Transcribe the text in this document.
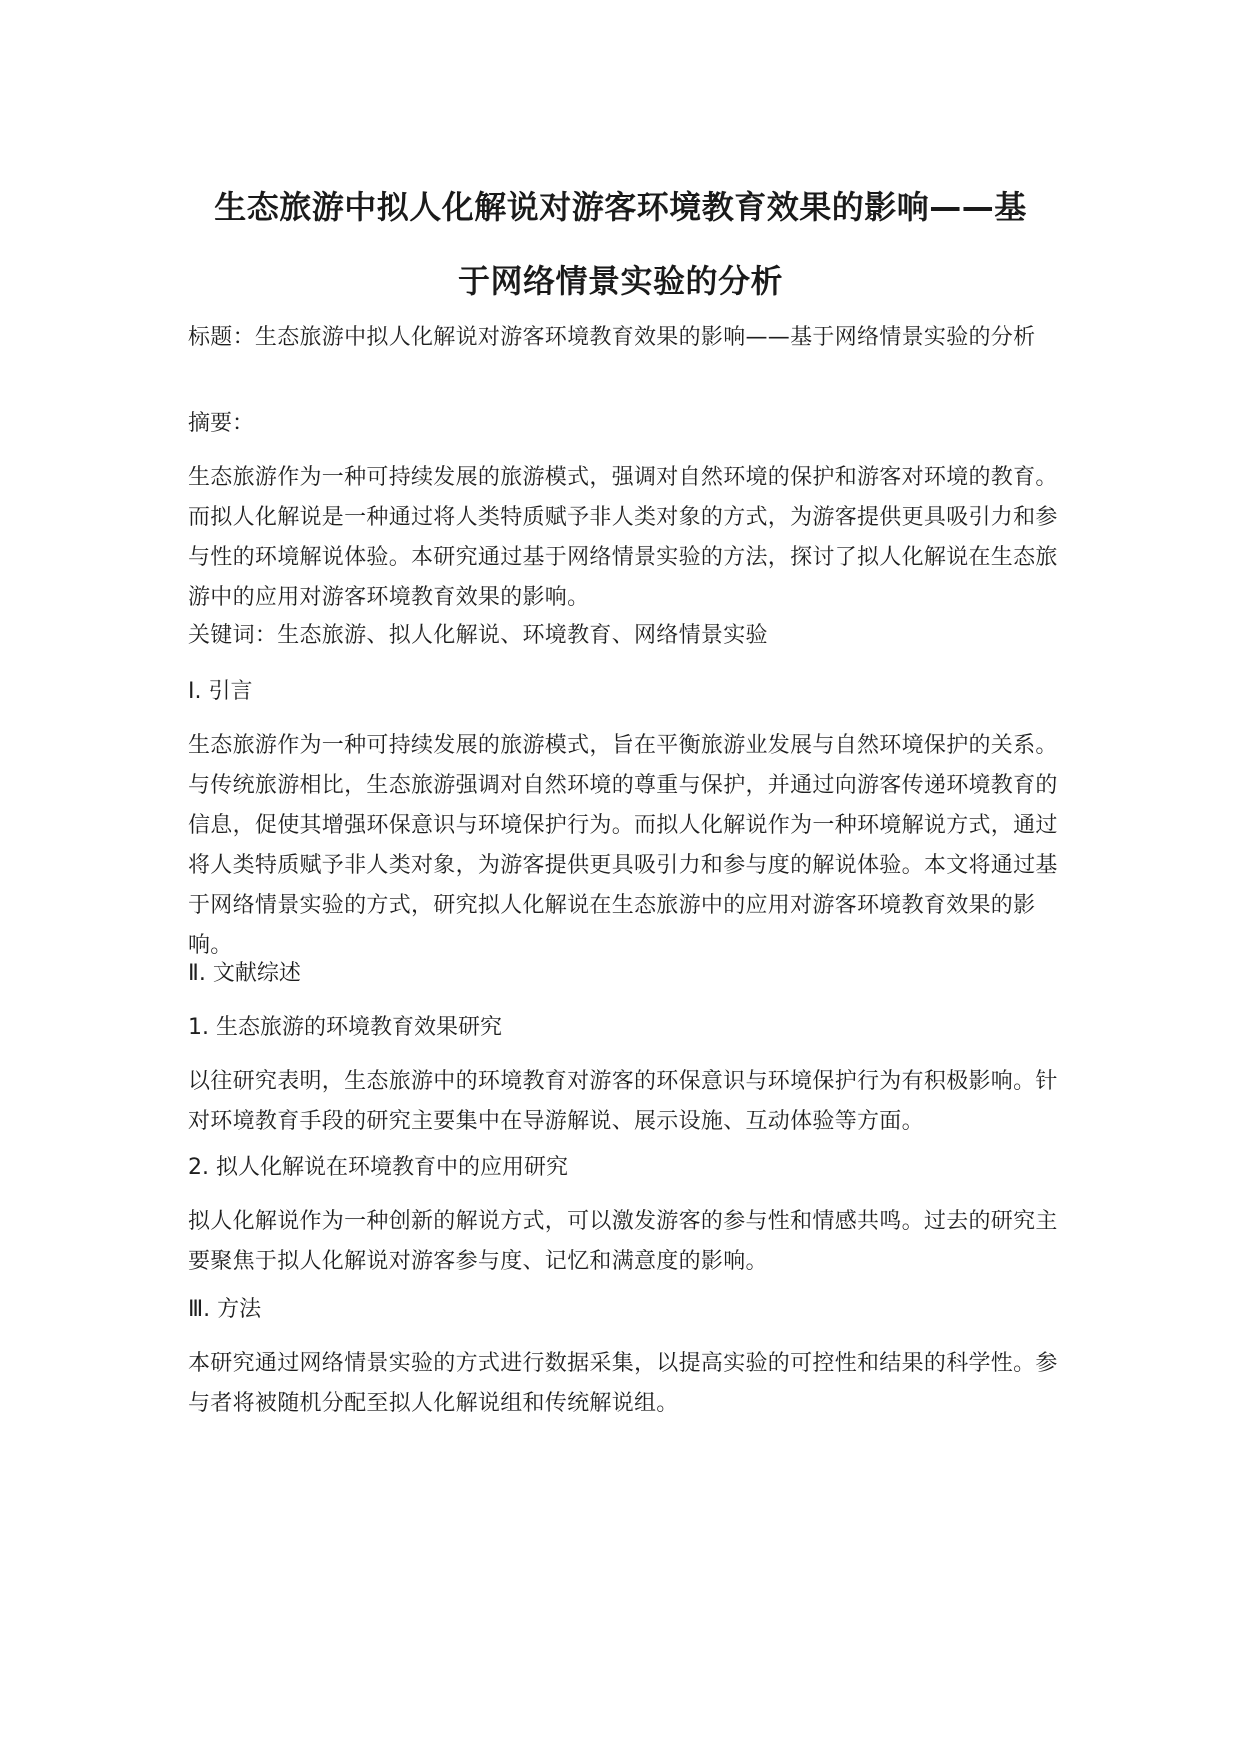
生态旅游中拟人化解说对游客环境教育效果的影响——基
于网络情景实验的分析

标题：生态旅游中拟人化解说对游客环境教育效果的影响——基于网络情景实验的分析

摘要：

生态旅游作为一种可持续发展的旅游模式，强调对自然环境的保护和游客对环境的教育。而拟人化解说是一种通过将人类特质赋予非人类对象的方式，为游客提供更具吸引力和参与性的环境解说体验。本研究通过基于网络情景实验的方法，探讨了拟人化解说在生态旅游中的应用对游客环境教育效果的影响。

关键词：生态旅游、拟人化解说、环境教育、网络情景实验

Ⅰ. 引言

生态旅游作为一种可持续发展的旅游模式，旨在平衡旅游业发展与自然环境保护的关系。与传统旅游相比，生态旅游强调对自然环境的尊重与保护，并通过向游客传递环境教育的信息，促使其增强环保意识与环境保护行为。而拟人化解说作为一种环境解说方式，通过将人类特质赋予非人类对象，为游客提供更具吸引力和参与度的解说体验。本文将通过基于网络情景实验的方式，研究拟人化解说在生态旅游中的应用对游客环境教育效果的影响。

Ⅱ. 文献综述

1. 生态旅游的环境教育效果研究

以往研究表明，生态旅游中的环境教育对游客的环保意识与环境保护行为有积极影响。针对环境教育手段的研究主要集中在导游解说、展示设施、互动体验等方面。

2. 拟人化解说在环境教育中的应用研究

拟人化解说作为一种创新的解说方式，可以激发游客的参与性和情感共鸣。过去的研究主要聚焦于拟人化解说对游客参与度、记忆和满意度的影响。

Ⅲ. 方法

本研究通过网络情景实验的方式进行数据采集，以提高实验的可控性和结果的科学性。参与者将被随机分配至拟人化解说组和传统解说组。
